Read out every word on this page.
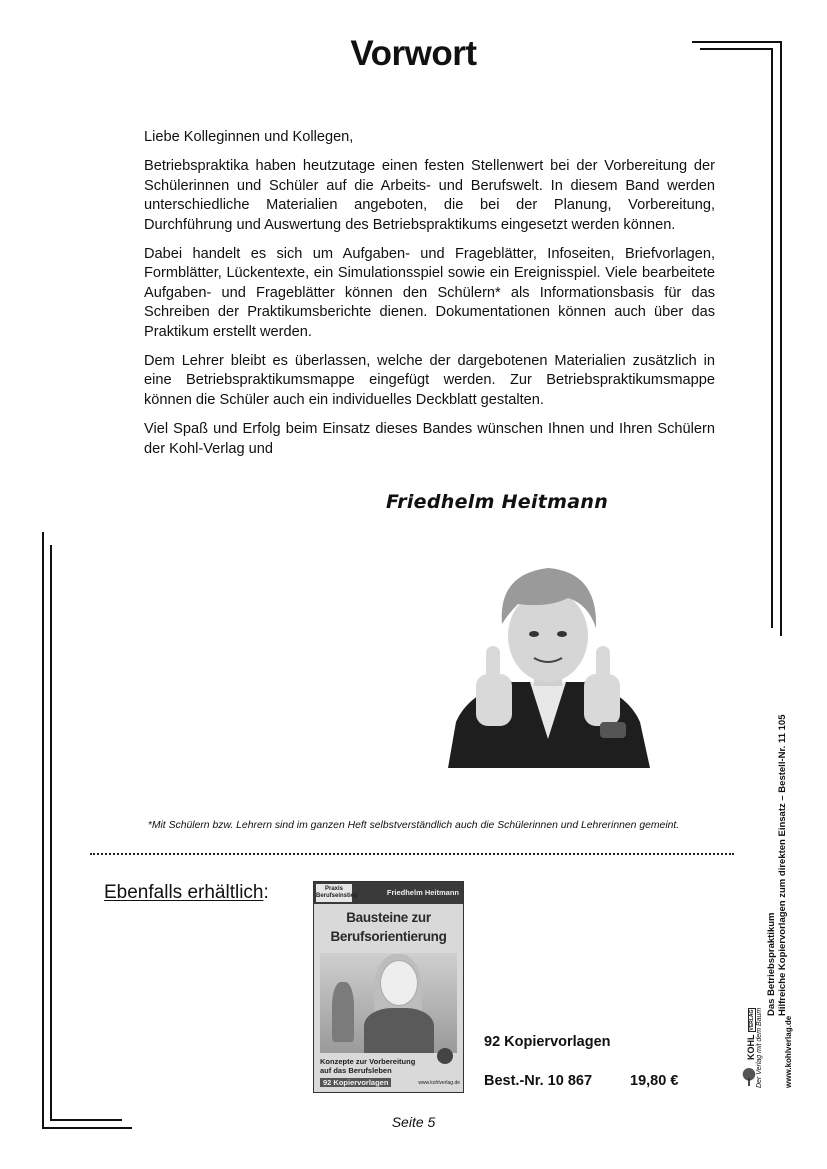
Vorwort

Liebe Kolleginnen und Kollegen,

Betriebspraktika haben heutzutage einen festen Stellenwert bei der Vorbereitung der Schülerinnen und Schüler auf die Arbeits- und Berufswelt. In diesem Band werden unterschiedliche Materialien angeboten, die bei der Planung, Vorbereitung, Durchführung und Auswertung des Betriebspraktikums eingesetzt werden können.

Dabei handelt es sich um Aufgaben- und Frageblätter, Infoseiten, Briefvorlagen, Formblätter, Lückentexte, ein Simulationsspiel sowie ein Ereignisspiel. Viele bearbeitete Aufgaben- und Frageblätter können den Schülern* als Informationsbasis für das Schreiben der Praktikumsberichte dienen. Dokumentationen können auch über das Praktikum erstellt werden.

Dem Lehrer bleibt es überlassen, welche der dargebotenen Materialien zusätzlich in eine Betriebspraktikumsmappe eingefügt werden. Zur Betriebspraktikumsmappe können die Schüler auch ein individuelles Deckblatt gestalten.

Viel Spaß und Erfolg beim Einsatz dieses Bandes wünschen Ihnen und Ihren Schülern der Kohl-Verlag und

Friedhelm Heitmann
*Mit Schülern bzw. Lehrern sind im ganzen Heft selbstverständlich auch die Schülerinnen und Lehrerinnen gemeint.
Ebenfalls erhältlich:	Praxis Berufseinstieg	Friedhelm Heitmann
Bausteine zur
Berufsorientierung
Konzepte zur Vorbereitung auf das Berufsleben
92 Kopiervorlagen	www.kohlverlag.de
92 Kopiervorlagen
Best.-Nr. 10 867	19,80 €
Seite 5
Das Betriebspraktikum Hilfreiche Kopiervorlagen zum direkten Einsatz – Bestell-Nr. 11 105
KOHLVERLAG Der Verlag mit dem Baum	www.kohlverlag.de
